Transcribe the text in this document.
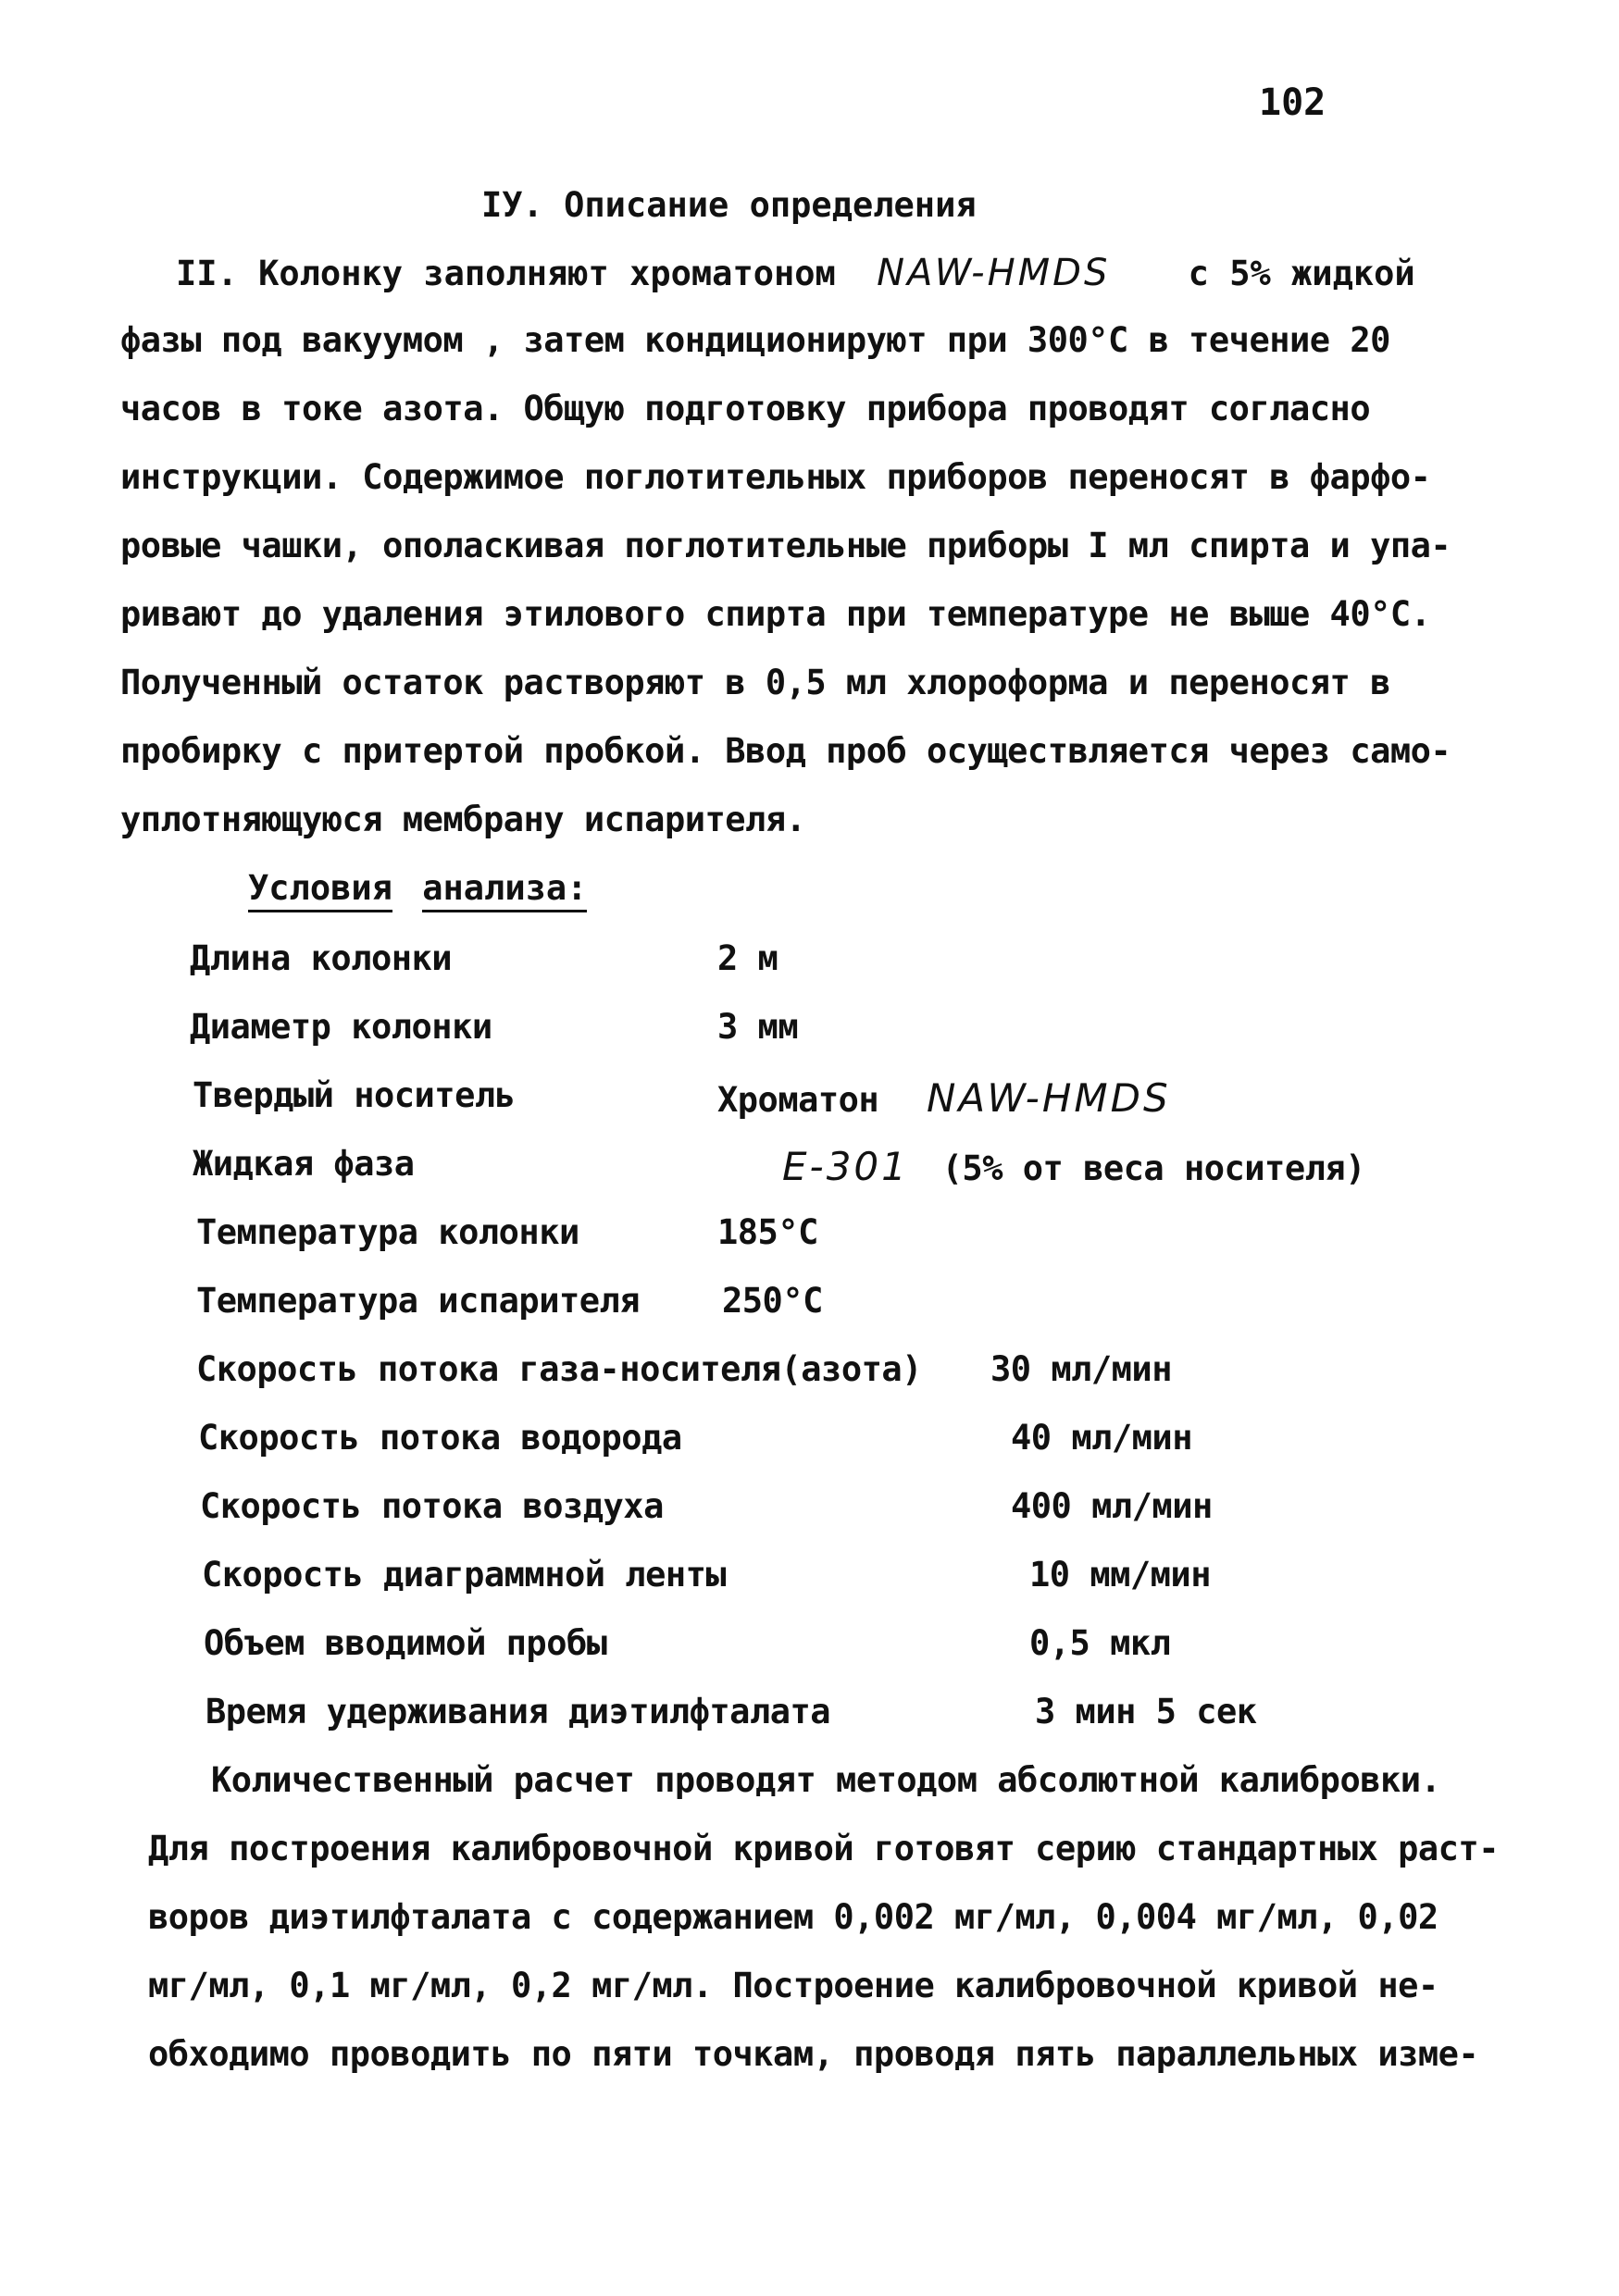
102
IУ. Описание определения
II. Колонку заполняют хроматоном NAW-HMDS с 5% жидкой
фазы под вакуумом , затем кондиционируют при 300°С в течение 20
часов в токе азота. Общую подготовку прибора проводят согласно
инструкции. Содержимое поглотительных приборов переносят в фарфо-
ровые чашки, ополаскивая поглотительные приборы I мл спирта и упа-
ривают до удаления этилового спирта при температуре не выше 40°С.
Полученный остаток растворяют в 0,5 мл хлороформа и переносят в
пробирку с притертой пробкой. Ввод проб осуществляется через само-
уплотняющуюся мембрану испарителя.
Условия анализа:
Длина колонки	2 м
Диаметр колонки	3 мм
Твердый носитель	Хроматон NAW-HMDS
Жидкая фаза	E-301 (5% от веса носителя)
Температура колонки	185°С
Температура испарителя 250°С
Скорость потока газа-носителя(азота) 30 мл/мин
Скорость потока водорода	40 мл/мин
Скорость потока воздуха	400 мл/мин
Скорость диаграммной ленты	10 мм/мин
Объем вводимой пробы	0,5 мкл
Время удерживания диэтилфталата	3 мин 5 сек
Количественный расчет проводят методом абсолютной калибровки.
Для построения калибровочной кривой готовят серию стандартных раст-
воров диэтилфталата с содержанием 0,002 мг/мл, 0,004 мг/мл, 0,02
мг/мл, 0,1 мг/мл, 0,2 мг/мл. Построение калибровочной кривой не-
обходимо проводить по пяти точкам, проводя пять параллельных изме-
